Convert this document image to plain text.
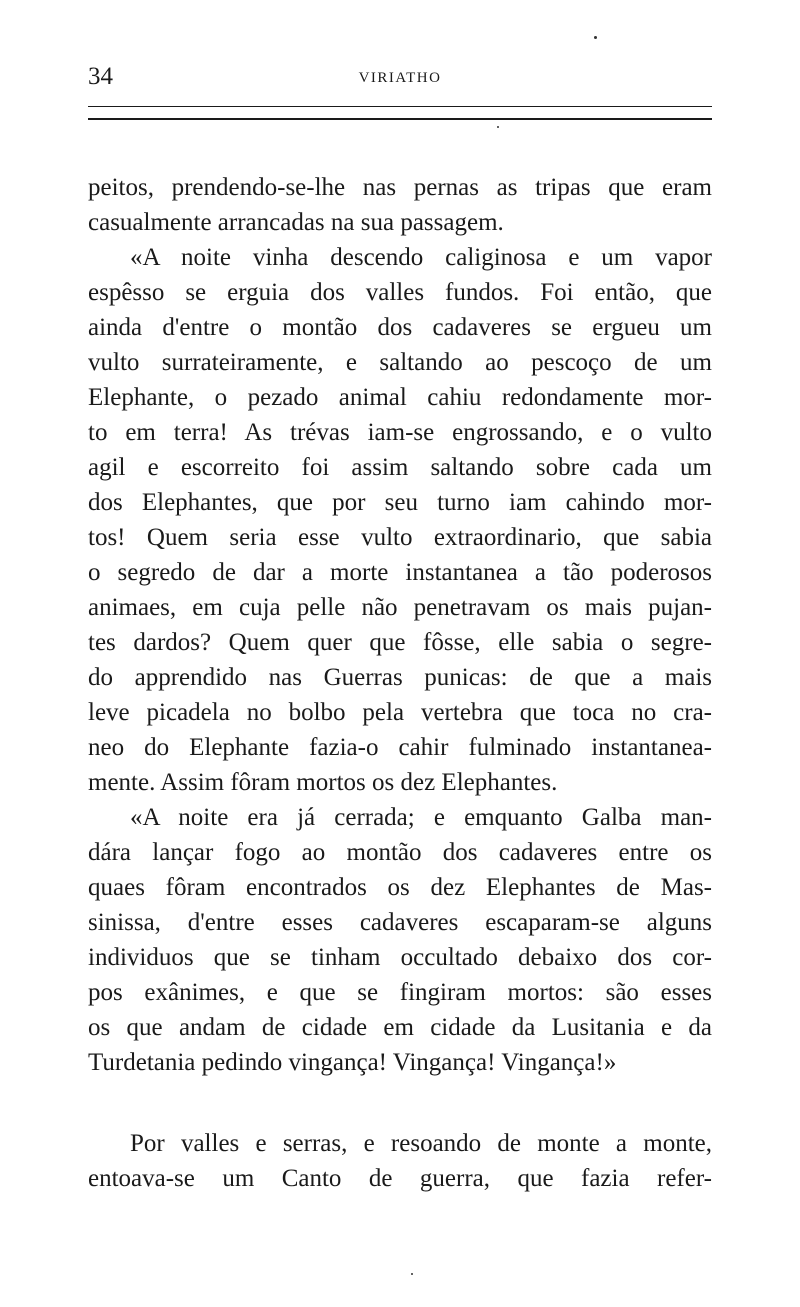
34	VIRIATHO
peitos, prendendo-se-lhe nas pernas as tripas que eram
casualmente arrancadas na sua passagem.
«A noite vinha descendo caliginosa e um vapor
espêsso se erguia dos valles fundos. Foi então, que
ainda d'entre o montão dos cadaveres se ergueu um
vulto surrateiramente, e saltando ao pescoço de um
Elephante, o pezado animal cahiu redondamente mor-
to em terra! As trévas iam-se engrossando, e o vulto
agil e escorreito foi assim saltando sobre cada um
dos Elephantes, que por seu turno iam cahindo mor-
tos! Quem seria esse vulto extraordinario, que sabia
o segredo de dar a morte instantanea a tão poderosos
animaes, em cuja pelle não penetravam os mais pujan-
tes dardos? Quem quer que fôsse, elle sabia o segre-
do apprendido nas Guerras punicas: de que a mais
leve picadela no bolbo pela vertebra que toca no cra-
neo do Elephante fazia-o cahir fulminado instantanea-
mente. Assim fôram mortos os dez Elephantes.
«A noite era já cerrada; e emquanto Galba man-
dára lançar fogo ao montão dos cadaveres entre os
quaes fôram encontrados os dez Elephantes de Mas-
sinissa, d'entre esses cadaveres escaparam-se alguns
individuos que se tinham occultado debaixo dos cor-
pos exânimes, e que se fingiram mortos: são esses
os que andam de cidade em cidade da Lusitania e da
Turdetania pedindo vingança! Vingança! Vingança!»
Por valles e serras, e resoando de monte a monte,
entoava-se um Canto de guerra, que fazia refer-
